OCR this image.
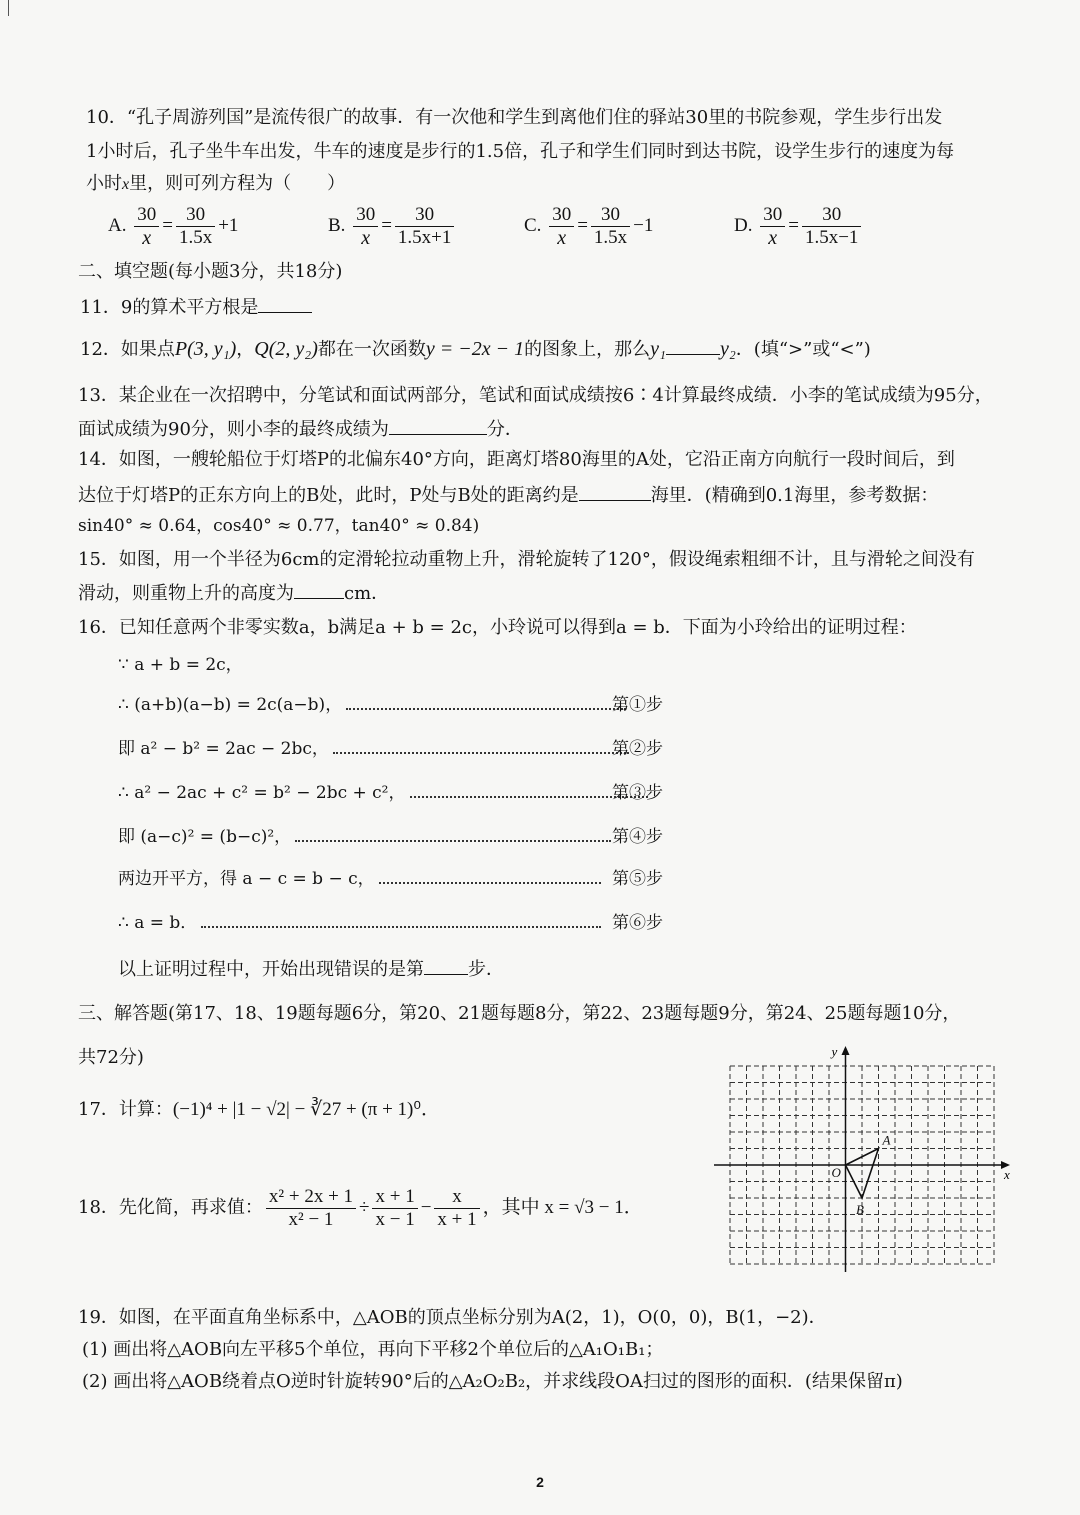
10．“孔子周游列国”是流传很广的故事．有一次他和学生到离他们住的驿站30里的书院参观，学生步行出发
1小时后，孔子坐牛车出发，牛车的速度是步行的1.5倍，孔子和学生们同时到达书院，设学生步行的速度为每
小时x里，则可列方程为（　　）
A.
$\frac{30}{x} = \frac{30}{1.5x} +1$	B.
$\frac{30}{x} = \frac{30}{1.5x+1}$	C.
$\frac{30}{x} = \frac{30}{1.5x} -1$	D.
$\frac{30}{x} = \frac{30}{1.5x-1}$
二、填空题(每小题3分，共18分)
11．9的算术平方根是
12．如果点P(3, y₁)，Q(2, y₂)都在一次函数y = −2x − 1的图象上，那么y₁	y₂．(填“>”或“<”)
13．某企业在一次招聘中，分笔试和面试两部分，笔试和面试成绩按6∶4计算最终成绩．小李的笔试成绩为95分，
面试成绩为90分，则小李的最终成绩为	分．
14．如图，一艘轮船位于灯塔P的北偏东40°方向，距离灯塔80海里的A处，它沿正南方向航行一段时间后，到
达位于灯塔P的正东方向上的B处，此时，P处与B处的距离约是	海里．(精确到0.1海里，参考数据：
sin40° ≈ 0.64，cos40° ≈ 0.77，tan40° ≈ 0.84)
15．如图，用一个半径为6cm的定滑轮拉动重物上升，滑轮旋转了120°，假设绳索粗细不计，且与滑轮之间没有
滑动，则重物上升的高度为	cm．
16．已知任意两个非零实数a，b满足a + b = 2c，小玲说可以得到a = b．下面为小玲给出的证明过程：
∵ a + b = 2c，
∴ (a+b)(a−b) = 2c(a−b)，	第①步
即 a² − b² = 2ac − 2bc，	第②步
∴ a² − 2ac + c² = b² − 2bc + c²，	第③步
即 (a−c)² = (b−c)²，	第④步
两边开平方，得 a − c = b − c，	第⑤步
∴ a = b．	第⑥步
以上证明过程中，开始出现错误的是第 步．
三、解答题(第17、18、19题每题6分，第20、21题每题8分，第22、23题每题9分，第24、25题每题10分，
共72分)
17．计算：(−1)⁴ + |1 − √2| − ∛27 + (π + 1)⁰．
18．先化简，再求值： $\frac{\text{x² + 2x + 1}}{\text{x² − 1}} \div \frac{x + 1}{x - 1} - \frac{x}{x + 1}$ ，其中 x = √3 − 1．
x
y
A
O
B
19．如图，在平面直角坐标系中，△AOB的顶点坐标分别为A(2，1)，O(0，0)，B(1，−2)．
(1) 画出将△AOB向左平移5个单位，再向下平移2个单位后的△A₁O₁B₁；
(2) 画出将△AOB绕着点O逆时针旋转90°后的△A₂O₂B₂，并求线段OA扫过的图形的面积．(结果保留π)
2
